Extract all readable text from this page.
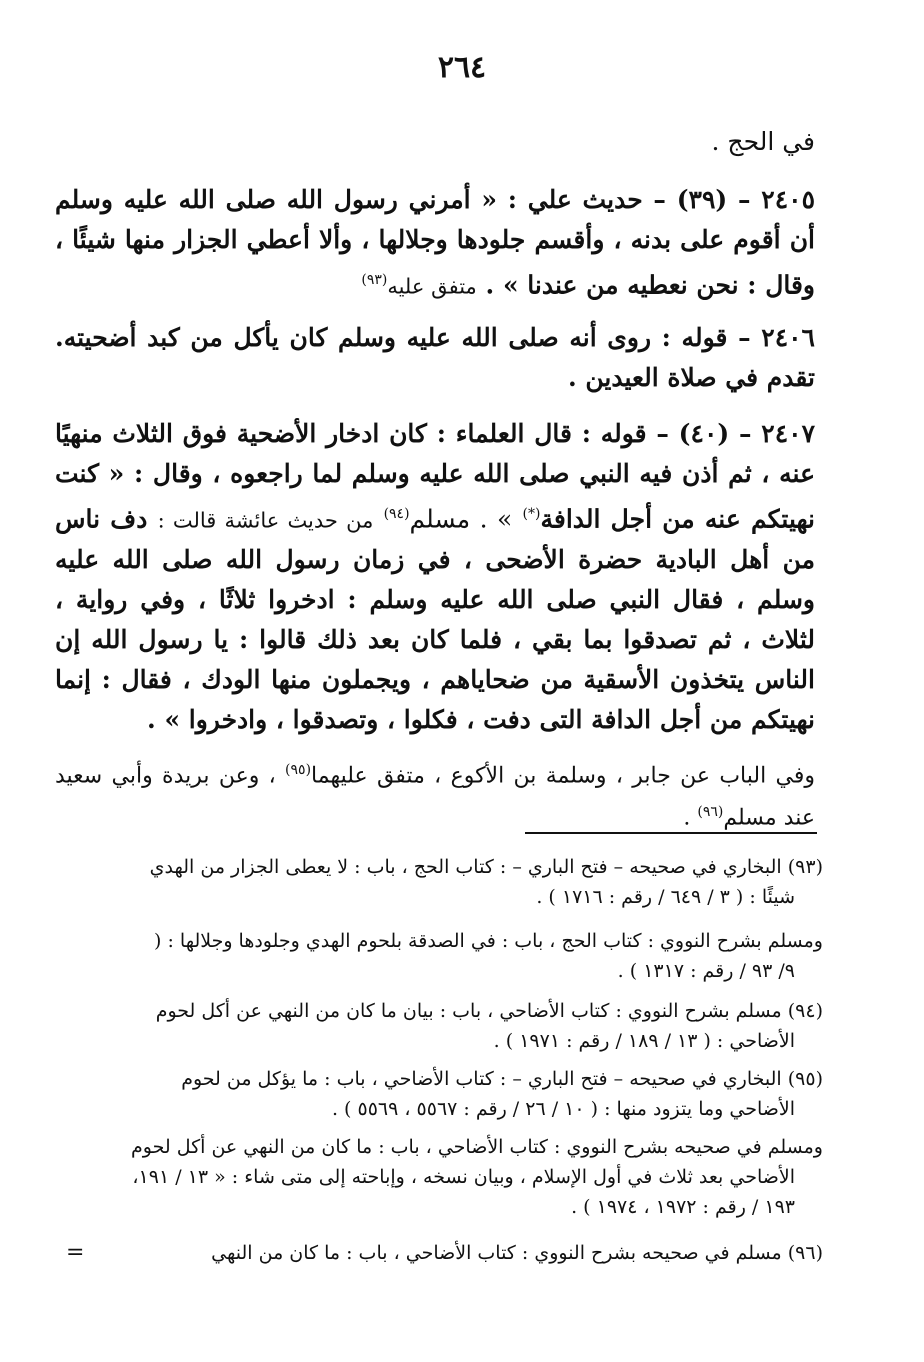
٢٦٤
في الحج .
٢٤٠٥ – (٣٩) – حديث علي : « أمرني رسول الله صلى الله عليه وسلم أن أقوم على بدنه ، وأقسم جلودها وجلالها ، وألا أعطي الجزار منها شيئًا ، وقال : نحن نعطيه من عندنا » . متفق عليه$^{(٩٣)}$
٢٤٠٦ – قوله : روى أنه صلى الله عليه وسلم كان يأكل من كبد أضحيته. تقدم في صلاة العيدين .
٢٤٠٧ – (٤٠) – قوله : قال العلماء : كان ادخار الأضحية فوق الثلاث منهيًا عنه ، ثم أذن فيه النبي صلى الله عليه وسلم لما راجعوه ، وقال : « كنت نهيتكم عنه من أجل الدافة(*) » . مسلم$^{(٩٤)}$ من حديث عائشة قالت : دف ناس من أهل البادية حضرة الأضحى ، في زمان رسول الله صلى الله عليه وسلم ، فقال النبي صلى الله عليه وسلم : ادخروا ثلاثًا ، وفي رواية ، لثلاث ، ثم تصدقوا بما بقي ، فلما كان بعد ذلك قالوا : يا رسول الله إن الناس يتخذون الأسقية من ضحاياهم ، ويجملون منها الودك ، فقال : إنما نهيتكم من أجل الدافة التى دفت ، فكلوا ، وتصدقوا ، وادخروا » .
وفي الباب عن جابر ، وسلمة بن الأكوع ، متفق عليهما$^{(٩٥)}$ ، وعن بريدة وأبي سعيد عند مسلم$^{(٩٦)}$ .
(٩٣) البخاري في صحيحه – فتح الباري – : كتاب الحج ، باب : لا يعطى الجزار من الهدي
شيئًا : ( ٣ / ٦٤٩ / رقم : ١٧١٦ ) .
ومسلم بشرح النووي : كتاب الحج ، باب : في الصدقة بلحوم الهدي وجلودها وجلالها : (
٩/ ٩٣ / رقم : ١٣١٧ ) .
(٩٤) مسلم بشرح النووي : كتاب الأضاحي ، باب : بيان ما كان من النهي عن أكل لحوم
الأضاحي : ( ١٣ / ١٨٩ / رقم : ١٩٧١ ) .
(٩٥) البخاري في صحيحه – فتح الباري – : كتاب الأضاحي ، باب : ما يؤكل من لحوم
الأضاحي وما يتزود منها : ( ١٠ / ٢٦ / رقم : ٥٥٦٧ ، ٥٥٦٩ ) .
ومسلم في صحيحه بشرح النووي : كتاب الأضاحي ، باب : ما كان من النهي عن أكل لحوم
الأضاحي بعد ثلاث في أول الإسلام ، وبيان نسخه ، وإباحته إلى متى شاء : « ١٣ / ١٩١،
١٩٣ / رقم : ١٩٧٢ ، ١٩٧٤ ) .
(٩٦) مسلم في صحيحه بشرح النووي : كتاب الأضاحي ، باب : ما كان من النهي
=
